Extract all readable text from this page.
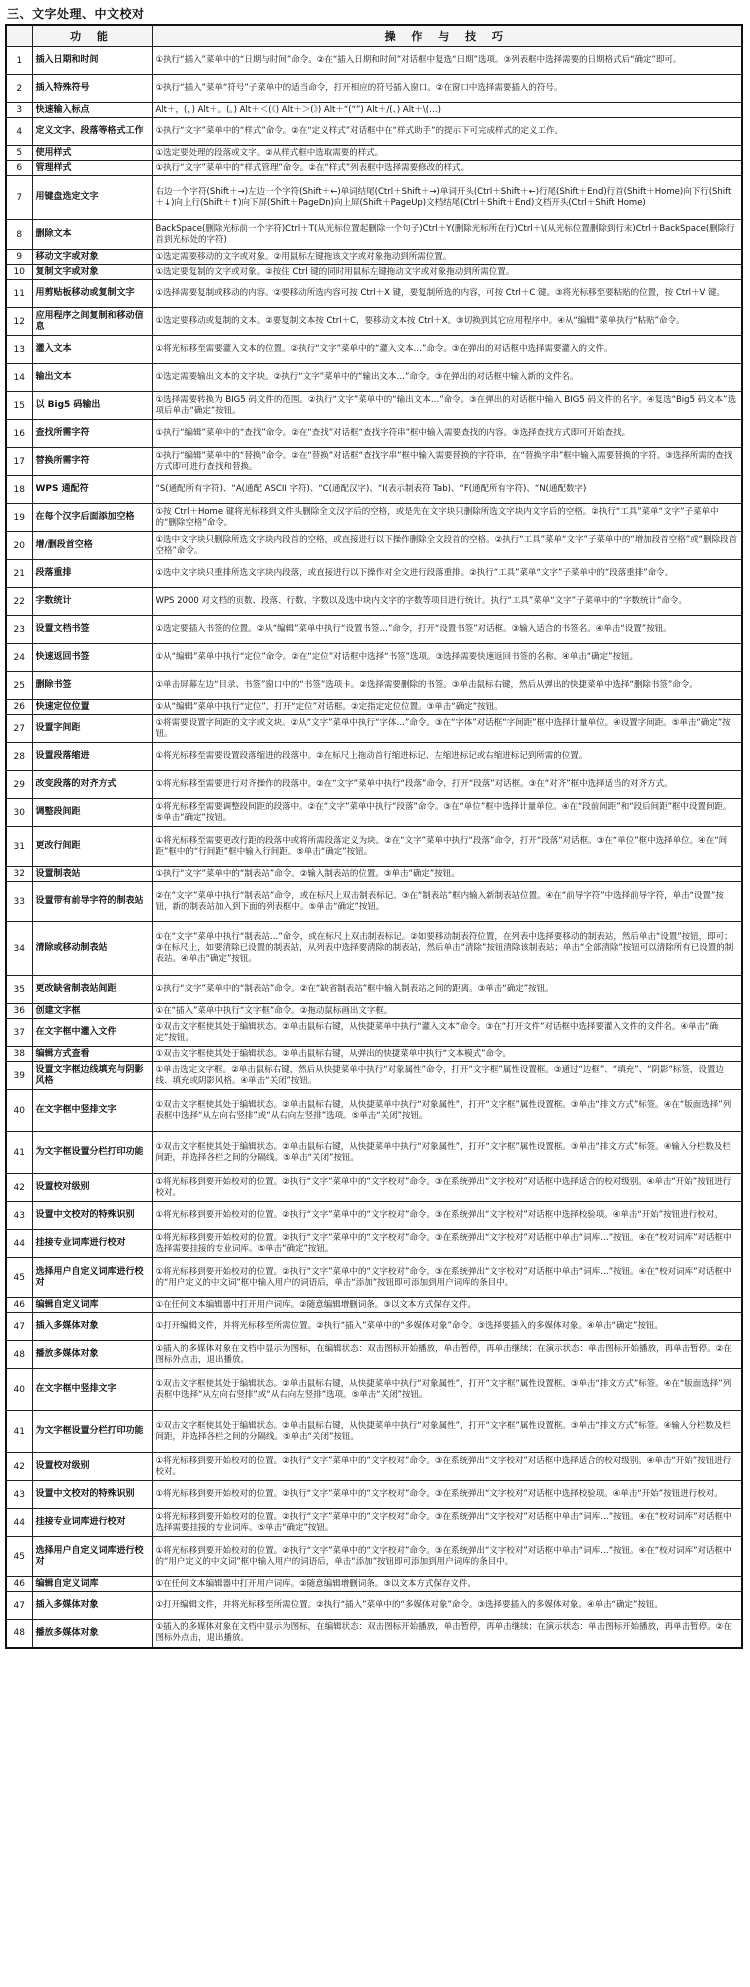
三、文字处理、中文校对
	功 能	操 作 与 技 巧
1	插入日期和时间	①执行“插入”菜单中的“日期与时间”命令。②在“插入日期和时间”对话框中复选“日期”选项。③列表框中选择需要的日期格式后“确定”即可。
2	插入特殊符号	①执行“插入”菜单“符号”子菜单中的适当命令，打开相应的符号插入窗口。②在窗口中选择需要插入的符号。
3	快速输入标点	Alt＋，(，) Alt＋。(。) Alt＋＜(《) Alt＋＞(》) Alt＋“(“”) Alt＋/(、) Alt＋\(…)
4	定义文字、段落等格式工作	①执行“文字”菜单中的“样式”命令。②在“定义样式”对话框中在“样式助手”的提示下可完成样式的定义工作。
5	使用样式	①选定要处理的段落或文字。②从样式框中选取需要的样式。
6	管理样式	①执行“文字”菜单中的“样式管理”命令。②在“样式”列表框中选择需要修改的样式。
7	用键盘选定文字	右边一个字符(Shift＋→)左边一个字符(Shift＋←)单词结尾(Ctrl＋Shift＋→)单词开头(Ctrl＋Shift＋←)行尾(Shift＋End)行首(Shift＋Home)向下行(Shift＋↓)向上行(Shift＋↑)向下屏(Shift＋PageDn)向上屏(Shift＋PageUp)文档结尾(Ctrl＋Shift＋End)文档开头(Ctrl＋Shift Home)
8	删除文本	BackSpace(删除光标前一个字符)Ctrl＋T(从光标位置起删除一个句子)Ctrl＋Y(删除光标所在行)Ctrl＋\(从光标位置删除到行末)Ctrl＋BackSpace(删除行首到光标处的字符)
9	移动文字或对象	①选定需要移动的文字或对象。②用鼠标左键拖该文字或对象拖动到所需位置。
10	复制文字或对象	①选定要复制的文字或对象。②按住 Ctrl 键的同时用鼠标左键拖动文字或对象拖动到所需位置。
11	用剪贴板移动或复制文字	①选择需要复制或移动的内容。②要移动所选内容可按 Ctrl＋X 键，要复制所选的内容，可按 Ctrl＋C 键。③将光标移至要粘贴的位置，按 Ctrl＋V 键。
12	应用程序之间复制和移动信息	①选定要移动或复制的文本。②要复制文本按 Ctrl＋C，要移动文本按 Ctrl＋X。③切换到其它应用程序中。④从“编辑”菜单执行“粘贴”命令。
13	灌入文本	①将光标移至需要灌入文本的位置。②执行“文字”菜单中的“灌入文本…”命令。③在弹出的对话框中选择需要灌入的文件。
14	输出文本	①选定需要输出文本的文字块。②执行“文字”菜单中的“输出文本…”命令。③在弹出的对话框中输入新的文件名。
15	以 Big5 码输出	①选择需要转换为 BIG5 码文件的范围。②执行“文字”菜单中的“输出文本…”命令。③在弹出的对话框中输入 BIG5 码文件的名字。④复选“Big5 码文本”选项后单击“确定”按钮。
16	查找所需字符	①执行“编辑”菜单中的“查找”命令。②在“查找”对话框“查找字符串”框中输入需要查找的内容。③选择查找方式即可开始查找。
17	替换所需字符	①执行“编辑”菜单中的“替换”命令。②在“替换”对话框“查找字串”框中输入需要替换的字符串，在“替换字串”框中输入需要替换的字符。③选择所需的查找方式即可进行查找和替换。
18	WPS 通配符	“S(通配所有字符)、“A(通配 ASCII 字符)、“C(通配汉字)、“I(表示制表符 Tab)、“F(通配所有字符)、“N(通配数字)
19	在每个汉字后面添加空格	①按 Ctrl＋Home 键将光标移到文件头删除全文汉字后的空格，或是先在文字块只删除所选文字块内文字后的空格。②执行“工具”菜单“文字”子菜单中的“删除空格”命令。
20	增/删段首空格	①选中文字块只删除所选文字块内段首的空格，或直接进行以下操作删除全文段首的空格。②执行“工具”菜单“文字”子菜单中的“增加段首空格”或“删除段首空格”命令。
21	段落重排	①选中文字块只重排所选文字块内段落，或直接进行以下操作对全文进行段落重排。②执行“工具”菜单“文字”子菜单中的“段落重排”命令。
22	字数统计	WPS 2000 对文档的页数、段落、行数、字数以及选中块内文字的字数等项目进行统计。执行“工具”菜单“文字”子菜单中的“字数统计”命令。
23	设置文档书签	①选定要插入书签的位置。②从“编辑”菜单中执行“设置书签…”命令，打开“设置书签”对话框。③输入适合的书签名。④单击“设置”按钮。
24	快速返回书签	①从“编辑”菜单中执行“定位”命令。②在“定位”对话框中选择“书签”选项。③选择需要快速返回书签的名称。④单击“确定”按钮。
25	删除书签	①单击屏幕左边“目录、书签”窗口中的“书签”选项卡。②选择需要删除的书签。③单击鼠标右键，然后从弹出的快捷菜单中选择“删除书签”命令。
26	快速定位位置	①从“编辑”菜单中执行“定位”，打开“定位”对话框。②定指定定位位置。③单击“确定”按钮。
27	设置字间距	①将需要设置字间距的文字或文块。②从“文字”菜单中执行“字体…”命令。③在“字体”对话框“字间距”框中选择计量单位。④设置字间距。⑤单击“确定”按钮。
28	设置段落缩进	①将光标移至需要设置段落缩进的段落中。②在标尺上拖动首行缩进标记、左缩进标记或右缩进标记到所需的位置。
29	改变段落的对齐方式	①将光标移至需要进行对齐操作的段落中。②在“文字”菜单中执行“段落”命令，打开“段落”对话框。③在“对齐”框中选择适当的对齐方式。
30	调整段间距	①将光标移至需要调整段间距的段落中。②在“文字”菜单中执行“段落”命令。③在“单位”框中选择计量单位。④在“段前间距”和“段后间距”框中设置间距。⑤单击“确定”按钮。
31	更改行间距	①将光标移至需要更改行距的段落中或将所需段落定义为块。②在“文字”菜单中执行“段落”命令，打开“段落”对话框。③在“单位”框中选择单位。④在“间距”框中的“行间距”框中输入行间距。⑤单击“确定”按钮。
32	设置制表站	①执行“文字”菜单中的“制表站”命令。②输入制表站的位置。③单击“确定”按钮。
33	设置带有前导字符的制表站	②在“文字”菜单中执行“制表站”命令，或在标尺上双击制表标记。③在“制表站”框内输入新制表站位置。④在“前导字符”中选择前导字符，单击“设置”按钮，新的制表站加入到下面的列表框中。⑤单击“确定”按钮。
34	清除或移动制表站	①在“文字”菜单中执行“制表站…”命令，或在标尺上双击制表标记。②如要移动制表符位置，在列表中选择要移动的制表站，然后单击“设置”按钮，即可；③在标尺上，如要清除已设置的制表站，从列表中选择要清除的制表站，然后单击“清除”按钮清除该制表站；单击“全部清除”按钮可以清除所有已设置的制表站。④单击“确定”按钮。
35	更改缺省制表站间距	①执行“文字”菜单中的“制表站”命令。②在“缺省制表站”框中输入制表站之间的距离。③单击“确定”按钮。
36	创建文字框	①在“插入”菜单中执行“文字框”命令。②拖动鼠标画出文字框。
37	在文字框中灌入文件	①双击文字框使其处于编辑状态。②单击鼠标右键，从快捷菜单中执行“灌入文本”命令。③在“打开文件”对话框中选择要灌入文件的文件名。④单击“确定”按钮。
38	编辑方式查看	①双击文字框使其处于编辑状态。②单击鼠标右键，从弹出的快捷菜单中执行“文本模式”命令。
39	设置文字框边线填充与阴影风格	①单击选定文字框。②单击鼠标右键，然后从快捷菜单中执行“对象属性”命令，打开“文字框”属性设置框。③通过“边框”、“填充”、“阴影”标签，设置边线、填充或阴影风格。④单击“关闭”按钮。
40	在文字框中竖排文字	①双击文字框使其处于编辑状态。②单击鼠标右键，从快捷菜单中执行“对象属性”，打开“文字框”属性设置框。③单击“排文方式”标签。④在“版面选择”列表框中选择“从左向右竖排”或“从右向左竖排”选项。⑤单击“关闭”按钮。
41	为文字框设置分栏打印功能	①双击文字框使其处于编辑状态。②单击鼠标右键，从快捷菜单中执行“对象属性”，打开“文字框”属性设置框。③单击“排文方式”标签。④输入分栏数及栏间距，并选择各栏之间的分隔线。⑤单击“关闭”按钮。
42	设置校对级别	①将光标移到要开始校对的位置。②执行“文字”菜单中的“文字校对”命令。③在系统弹出“文字校对”对话框中选择适合的校对级别。④单击“开始”按钮进行校对。
43	设置中文校对的特殊识别	①将光标移到要开始校对的位置。②执行“文字”菜单中的“文字校对”命令。③在系统弹出“文字校对”对话框中选择校验项。④单击“开始”按钮进行校对。
44	挂接专业词库进行校对	①将光标移到要开始校对的位置。②执行“文字”菜单中的“文字校对”命令。③在系统弹出“文字校对”对话框中单击“词库…”按钮。④在“校对词库”对话框中选择需要挂接的专业词库。⑤单击“确定”按钮。
45	选择用户自定义词库进行校对	①将光标移到要开始校对的位置。②执行“文字”菜单中的“文字校对”命令。③在系统弹出“文字校对”对话框中单击“词库…”按钮。④在“校对词库”对话框中的“用户定义的中文词”框中输入用户的词语后，单击“添加”按钮即可添加到用户词库的条目中。
46	编辑自定义词库	①在任何文本编辑器中打开用户词库。②随意编辑增删词条。③以文本方式保存文件。
47	插入多媒体对象	①打开编辑文件，并将光标移至所需位置。②执行“插入”菜单中的“多媒体对象”命令。③选择要插入的多媒体对象。④单击“确定”按钮。
48	播放多媒体对象	①插入的多媒体对象在文档中显示为图标，在编辑状态：双击图标开始播放，单击暂停，再单击继续；在演示状态：单击图标开始播放，再单击暂停。②在图标外点击，退出播放。
40	在文字框中竖排文字	①双击文字框使其处于编辑状态。②单击鼠标右键，从快捷菜单中执行“对象属性”，打开“文字框”属性设置框。③单击“排文方式”标签。④在“版面选择”列表框中选择“从左向右竖排”或“从右向左竖排”选项。⑤单击“关闭”按钮。
41	为文字框设置分栏打印功能	①双击文字框使其处于编辑状态。②单击鼠标右键，从快捷菜单中执行“对象属性”，打开“文字框”属性设置框。③单击“排文方式”标签。④输入分栏数及栏间距，并选择各栏之间的分隔线。⑤单击“关闭”按钮。
42	设置校对级别	①将光标移到要开始校对的位置。②执行“文字”菜单中的“文字校对”命令。③在系统弹出“文字校对”对话框中选择适合的校对级别。④单击“开始”按钮进行校对。
43	设置中文校对的特殊识别	①将光标移到要开始校对的位置。②执行“文字”菜单中的“文字校对”命令。③在系统弹出“文字校对”对话框中选择校验项。④单击“开始”按钮进行校对。
44	挂接专业词库进行校对	①将光标移到要开始校对的位置。②执行“文字”菜单中的“文字校对”命令。③在系统弹出“文字校对”对话框中单击“词库…”按钮。④在“校对词库”对话框中选择需要挂接的专业词库。⑤单击“确定”按钮。
45	选择用户自定义词库进行校对	①将光标移到要开始校对的位置。②执行“文字”菜单中的“文字校对”命令。③在系统弹出“文字校对”对话框中单击“词库…”按钮。④在“校对词库”对话框中的“用户定义的中文词”框中输入用户的词语后，单击“添加”按钮即可添加到用户词库的条目中。
46	编辑自定义词库	①在任何文本编辑器中打开用户词库。②随意编辑增删词条。③以文本方式保存文件。
47	插入多媒体对象	①打开编辑文件，并将光标移至所需位置。②执行“插入”菜单中的“多媒体对象”命令。③选择要插入的多媒体对象。④单击“确定”按钮。
48	播放多媒体对象	①插入的多媒体对象在文档中显示为图标，在编辑状态：双击图标开始播放，单击暂停，再单击继续；在演示状态：单击图标开始播放，再单击暂停。②在图标外点击，退出播放。
